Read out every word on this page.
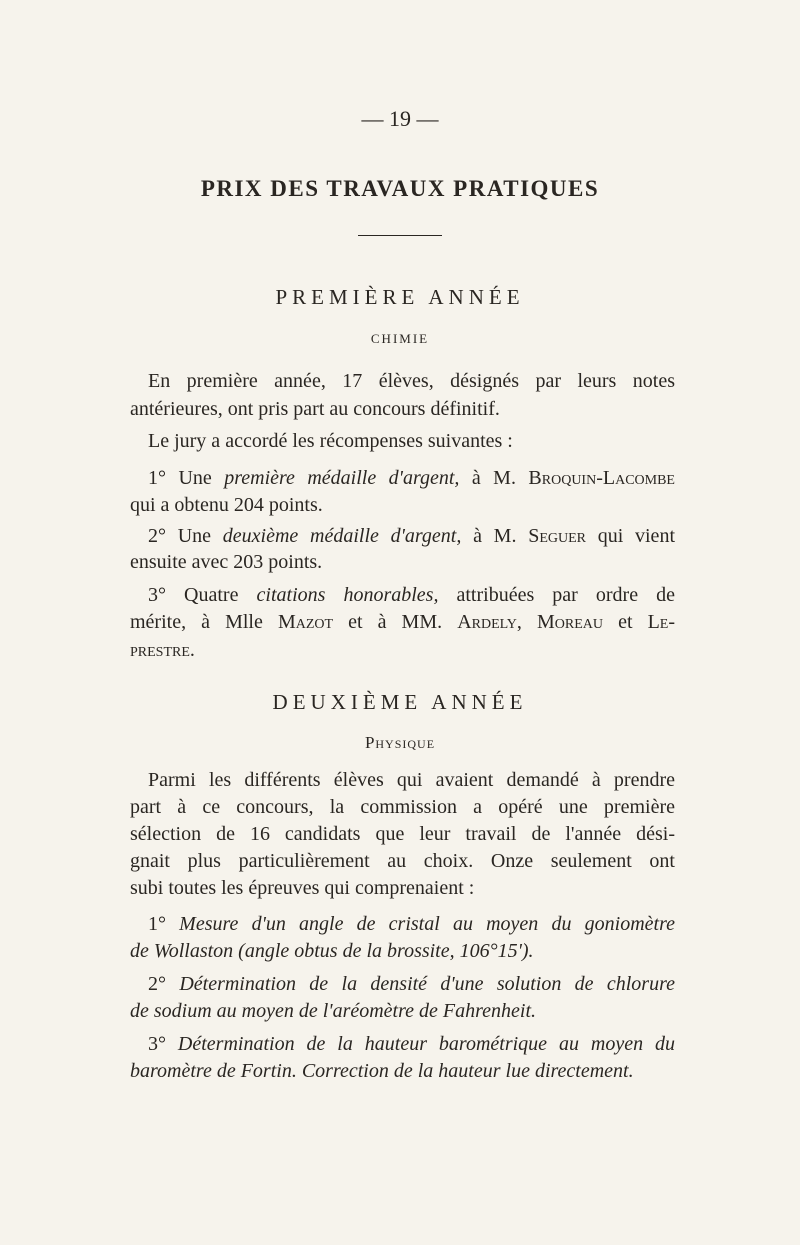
— 19 —
PRIX DES TRAVAUX PRATIQUES
PREMIÈRE ANNÉE
CHIMIE
En première année, 17 élèves, désignés par leurs notes
antérieures, ont pris part au concours définitif.
Le jury a accordé les récompenses suivantes :
1° Une première médaille d'argent, à M. Broquin-Lacombe
qui a obtenu 204 points.
2° Une deuxième médaille d'argent, à M. Seguer qui vient
ensuite avec 203 points.
3° Quatre citations honorables, attribuées par ordre de
mérite, à Mlle Mazot et à MM. Ardely, Moreau et Le-
prestre.
DEUXIÈME ANNÉE
Physique
Parmi les différents élèves qui avaient demandé à prendre
part à ce concours, la commission a opéré une première
sélection de 16 candidats que leur travail de l'année dési-
gnait plus particulièrement au choix. Onze seulement ont
subi toutes les épreuves qui comprenaient :
1° Mesure d'un angle de cristal au moyen du goniomètre
de Wollaston (angle obtus de la brossite, 106°15').
2° Détermination de la densité d'une solution de chlorure
de sodium au moyen de l'aréomètre de Fahrenheit.
3° Détermination de la hauteur barométrique au moyen du
baromètre de Fortin. Correction de la hauteur lue directement.
